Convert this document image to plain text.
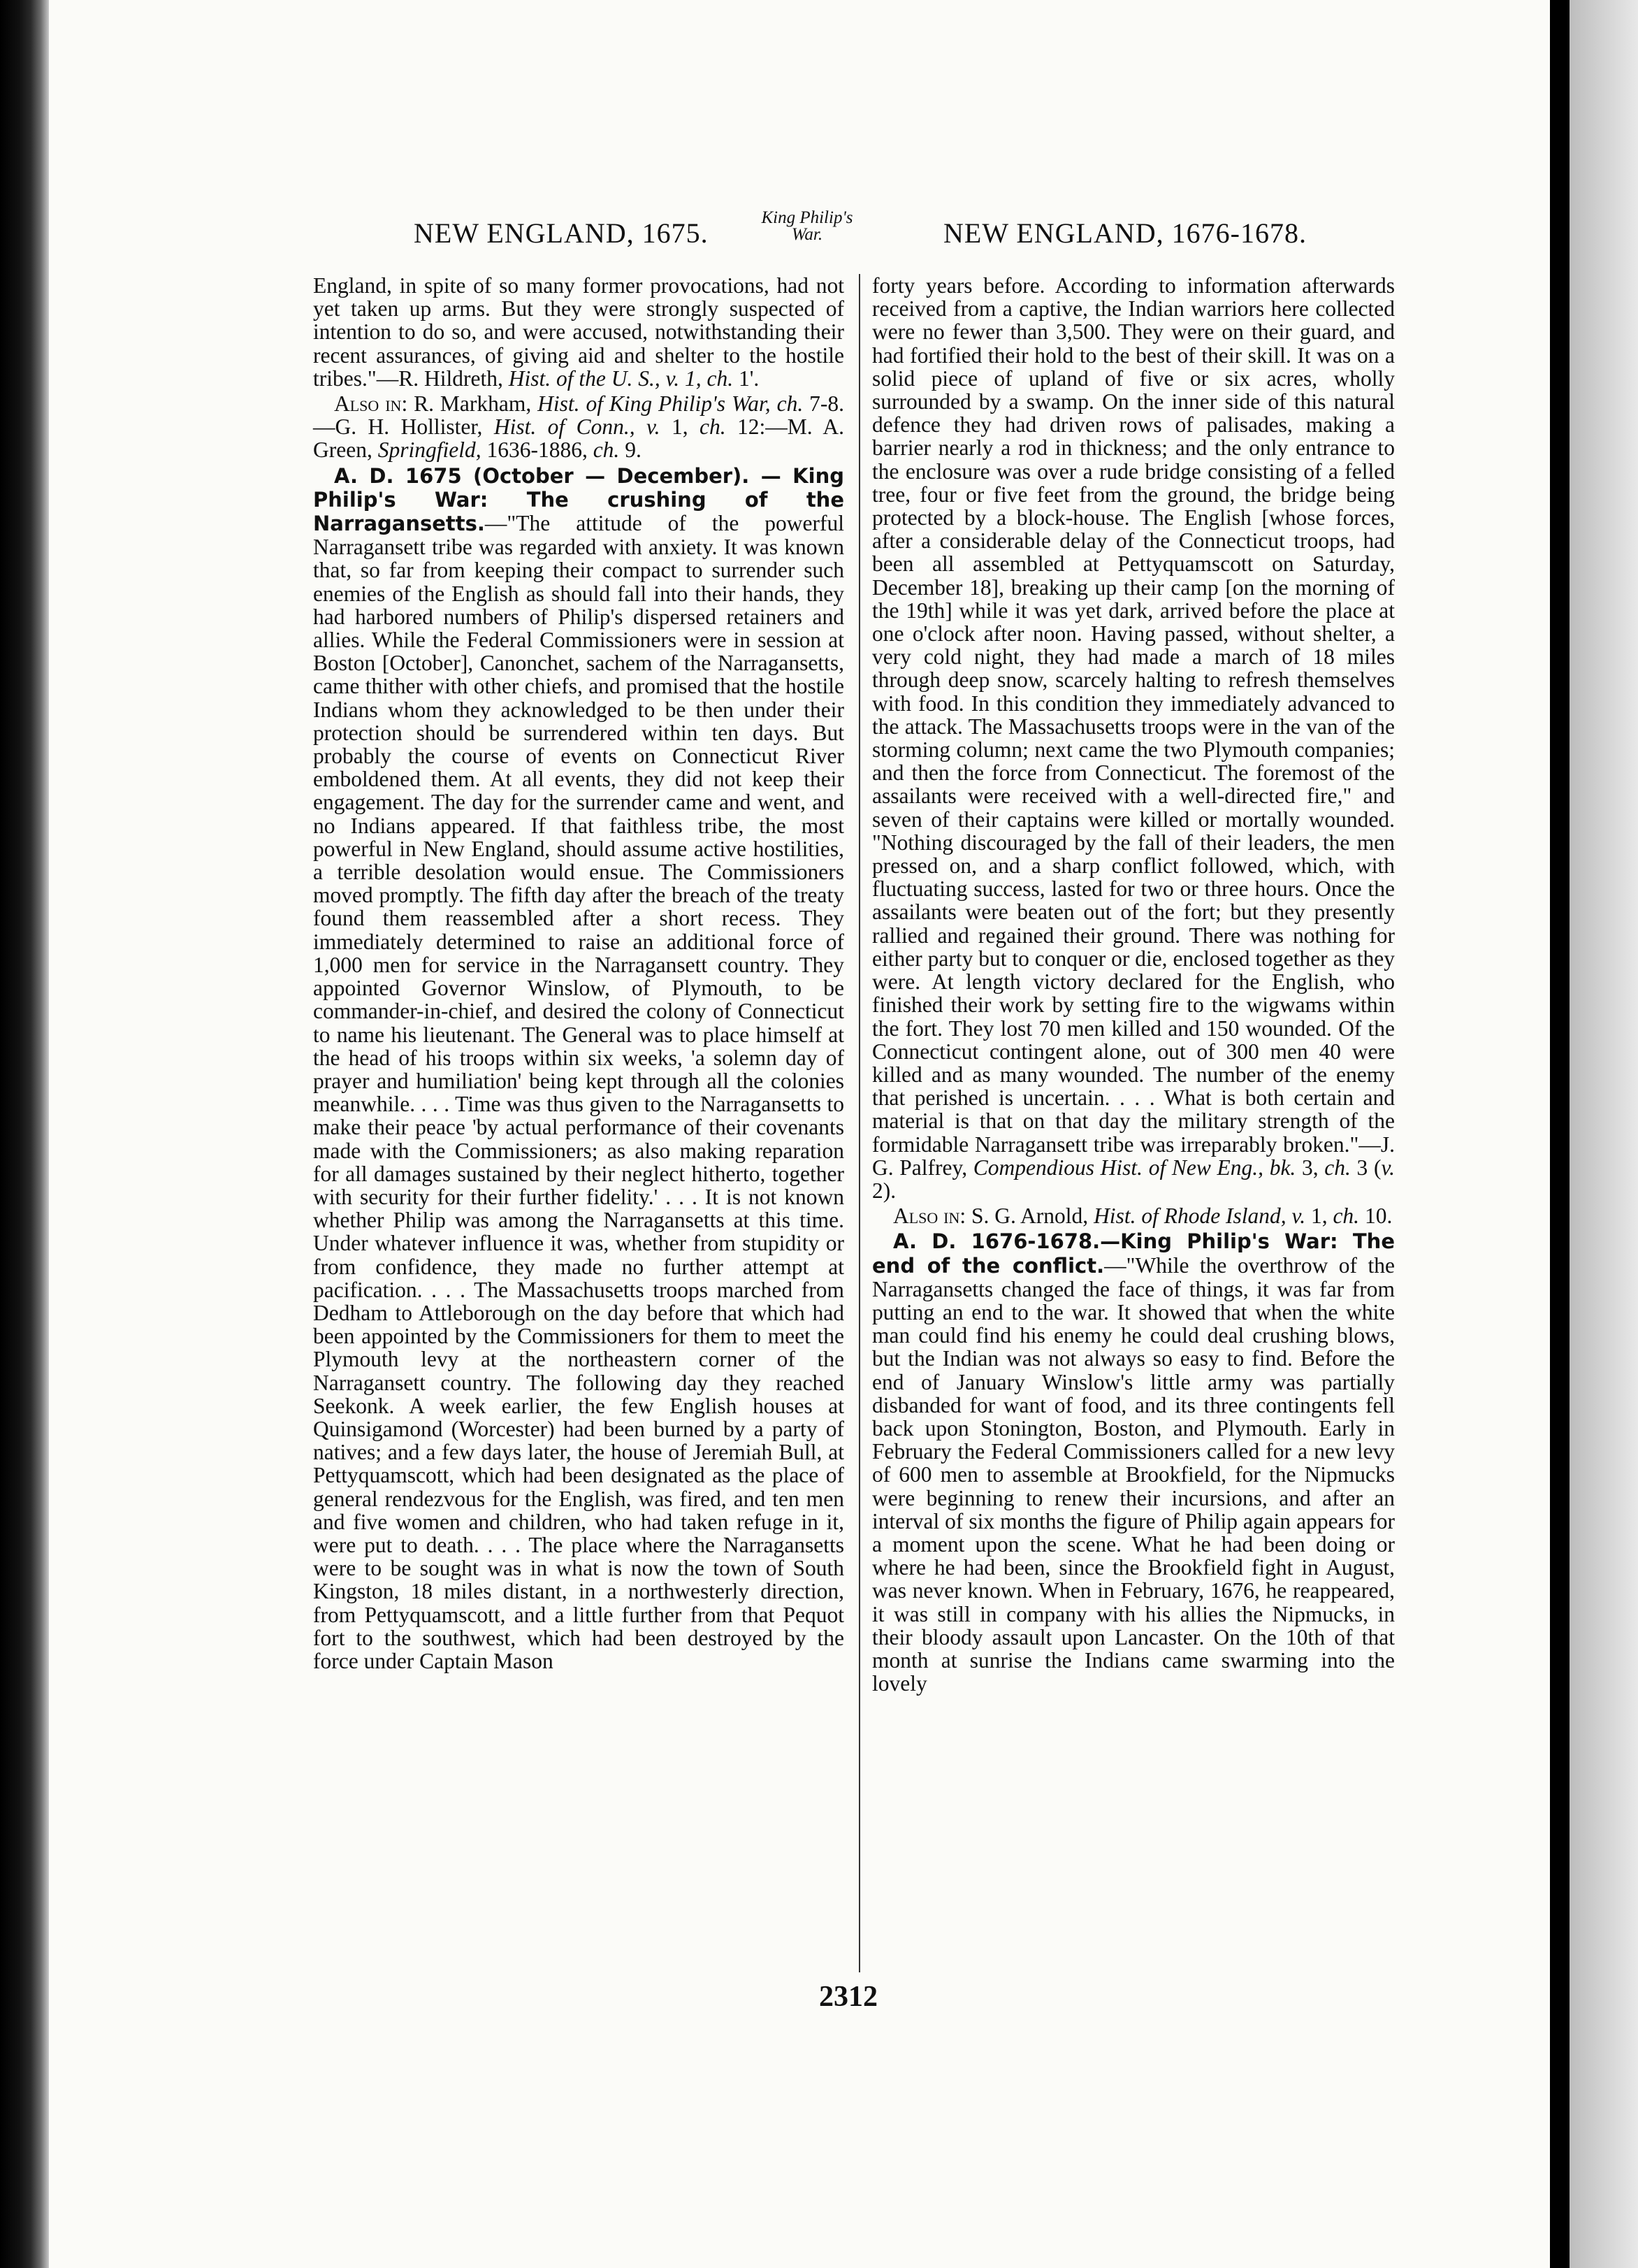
NEW ENGLAND, 1675.	King Philip's
War.	NEW ENGLAND, 1676-1678.

England, in spite of so many former provocations, had not yet taken up arms. But they were strongly suspected of intention to do so, and were accused, notwithstanding their recent assurances, of giving aid and shelter to the hostile tribes."—R. Hildreth, Hist. of the U. S., v. 1, ch. 1'.

Also in: R. Markham, Hist. of King Philip's War, ch. 7-8.—G. H. Hollister, Hist. of Conn., v. 1, ch. 12:—M. A. Green, Springfield, 1636-1886, ch. 9.

A. D. 1675 (October — December). — King Philip's War: The crushing of the Narragansetts.—"The attitude of the powerful Narragansett tribe was regarded with anxiety. It was known that, so far from keeping their compact to surrender such enemies of the English as should fall into their hands, they had harbored numbers of Philip's dispersed retainers and allies. While the Federal Commissioners were in session at Boston [October], Canonchet, sachem of the Narragansetts, came thither with other chiefs, and promised that the hostile Indians whom they acknowledged to be then under their protection should be surrendered within ten days. But probably the course of events on Connecticut River emboldened them. At all events, they did not keep their engagement. The day for the surrender came and went, and no Indians appeared. If that faithless tribe, the most powerful in New England, should assume active hostilities, a terrible desolation would ensue. The Commissioners moved promptly. The fifth day after the breach of the treaty found them reassembled after a short recess. They immediately determined to raise an additional force of 1,000 men for service in the Narragansett country. They appointed Governor Winslow, of Plymouth, to be commander-in-chief, and desired the colony of Connecticut to name his lieutenant. The General was to place himself at the head of his troops within six weeks, 'a solemn day of prayer and humiliation' being kept through all the colonies meanwhile. . . . Time was thus given to the Narragansetts to make their peace 'by actual performance of their covenants made with the Commissioners; as also making reparation for all damages sustained by their neglect hitherto, together with security for their further fidelity.' . . . It is not known whether Philip was among the Narragansetts at this time. Under whatever influence it was, whether from stupidity or from confidence, they made no further attempt at pacification. . . . The Massachusetts troops marched from Dedham to Attleborough on the day before that which had been appointed by the Commissioners for them to meet the Plymouth levy at the northeastern corner of the Narragansett country. The following day they reached Seekonk. A week earlier, the few English houses at Quinsigamond (Worcester) had been burned by a party of natives; and a few days later, the house of Jeremiah Bull, at Pettyquamscott, which had been designated as the place of general rendezvous for the English, was fired, and ten men and five women and children, who had taken refuge in it, were put to death. . . . The place where the Narragansetts were to be sought was in what is now the town of South Kingston, 18 miles distant, in a northwesterly direction, from Pettyquamscott, and a little further from that Pequot fort to the southwest, which had been destroyed by the force under Captain Mason

forty years before. According to information afterwards received from a captive, the Indian warriors here collected were no fewer than 3,500. They were on their guard, and had fortified their hold to the best of their skill. It was on a solid piece of upland of five or six acres, wholly surrounded by a swamp. On the inner side of this natural defence they had driven rows of palisades, making a barrier nearly a rod in thickness; and the only entrance to the enclosure was over a rude bridge consisting of a felled tree, four or five feet from the ground, the bridge being protected by a block-house. The English [whose forces, after a considerable delay of the Connecticut troops, had been all assembled at Pettyquamscott on Saturday, December 18], breaking up their camp [on the morning of the 19th] while it was yet dark, arrived before the place at one o'clock after noon. Having passed, without shelter, a very cold night, they had made a march of 18 miles through deep snow, scarcely halting to refresh themselves with food. In this condition they immediately advanced to the attack. The Massachusetts troops were in the van of the storming column; next came the two Plymouth companies; and then the force from Connecticut. The foremost of the assailants were received with a well-directed fire," and seven of their captains were killed or mortally wounded. "Nothing discouraged by the fall of their leaders, the men pressed on, and a sharp conflict followed, which, with fluctuating success, lasted for two or three hours. Once the assailants were beaten out of the fort; but they presently rallied and regained their ground. There was nothing for either party but to conquer or die, enclosed together as they were. At length victory declared for the English, who finished their work by setting fire to the wigwams within the fort. They lost 70 men killed and 150 wounded. Of the Connecticut contingent alone, out of 300 men 40 were killed and as many wounded. The number of the enemy that perished is uncertain. . . . What is both certain and material is that on that day the military strength of the formidable Narragansett tribe was irreparably broken."—J. G. Palfrey, Compendious Hist. of New Eng., bk. 3, ch. 3 (v. 2).

Also in: S. G. Arnold, Hist. of Rhode Island, v. 1, ch. 10.

A. D. 1676-1678.—King Philip's War: The end of the conflict.—"While the overthrow of the Narragansetts changed the face of things, it was far from putting an end to the war. It showed that when the white man could find his enemy he could deal crushing blows, but the Indian was not always so easy to find. Before the end of January Winslow's little army was partially disbanded for want of food, and its three contingents fell back upon Stonington, Boston, and Plymouth. Early in February the Federal Commissioners called for a new levy of 600 men to assemble at Brookfield, for the Nipmucks were beginning to renew their incursions, and after an interval of six months the figure of Philip again appears for a moment upon the scene. What he had been doing or where he had been, since the Brookfield fight in August, was never known. When in February, 1676, he reappeared, it was still in company with his allies the Nipmucks, in their bloody assault upon Lancaster. On the 10th of that month at sunrise the Indians came swarming into the lovely

2312
